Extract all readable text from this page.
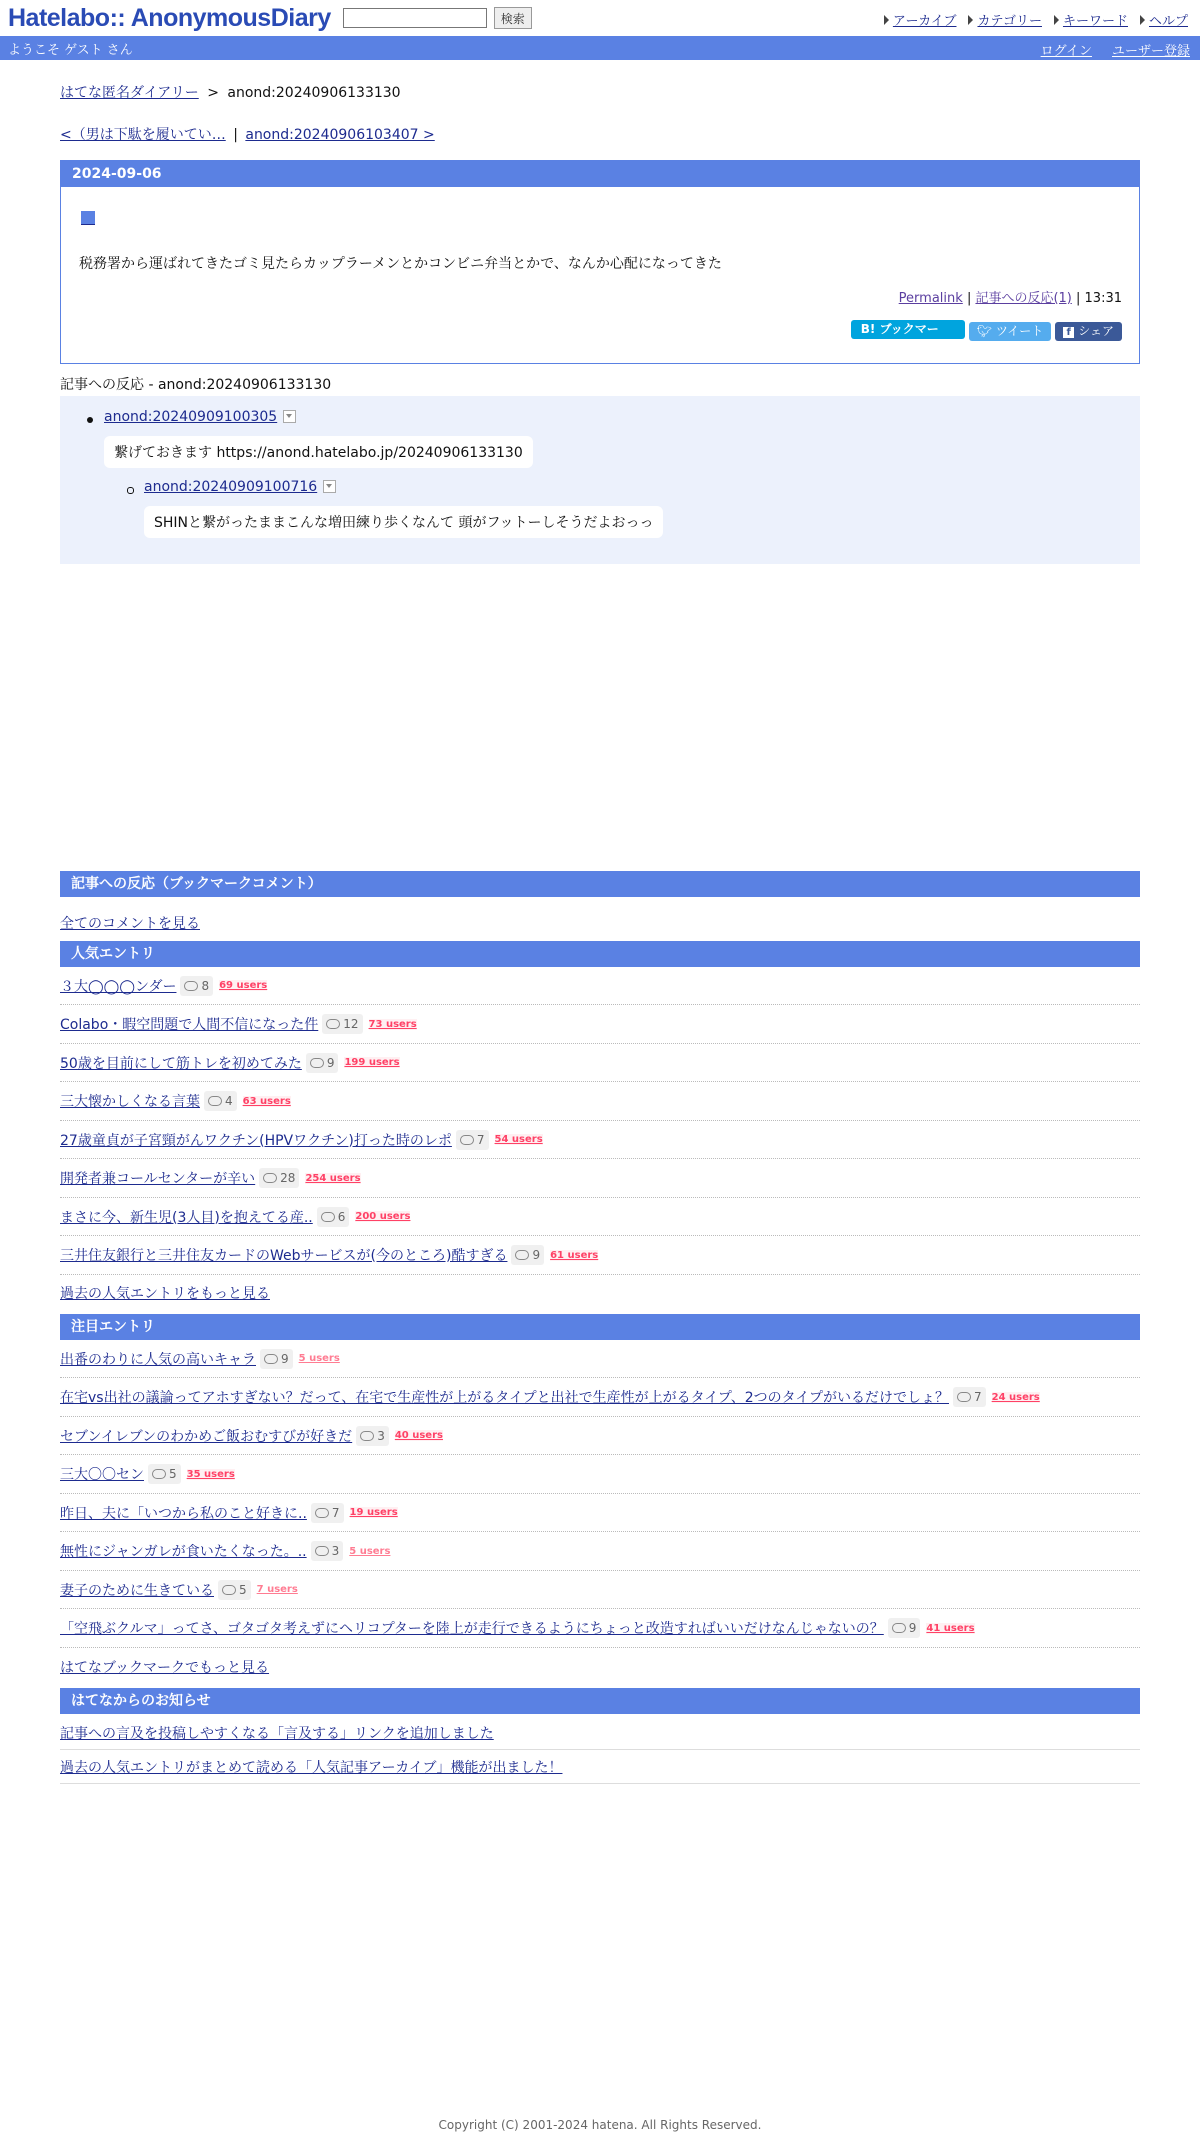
Hatelabo:: AnonymousDiary	検索	アーカイブ	カテゴリー	キーワード	ヘルプ
ようこそ ゲスト さん	ログイン ユーザー登録
はてな匿名ダイアリー > anond:20240906133130
<（男は下駄を履いてい… | anond:20240906103407 >
2024-09-06
税務署から運ばれてきたゴミ見たらカップラーメンとかコンビニ弁当とかで、なんか心配になってきた
Permalink | 記事への反応(1) | 13:31
B! ブックマーク 0
🐦︎ ツイート	f シェア
記事への反応 - anond:20240906133130
anond:20240909100305
繋げておきます https://anond.hatelabo.jp/20240906133130
anond:20240909100716
SHINと繋がったままこんな増田練り歩くなんて 頭がフットーしそうだよおっっ
記事への反応（ブックマークコメント）
全てのコメントを見る
人気エントリ
３大◯◯◯ンダー 8 69 users
Colabo・暇空問題で人間不信になった件 12 73 users
50歳を目前にして筋トレを初めてみた 9 199 users
三大懐かしくなる言葉 4 63 users
27歳童貞が子宮頸がんワクチン(HPVワクチン)打った時のレポ 7 54 users
開発者兼コールセンターが辛い 28 254 users
まさに今、新生児(3人目)を抱えてる産.. 6 200 users
三井住友銀行と三井住友カードのWebサービスが(今のところ)酷すぎる 9 61 users
過去の人気エントリをもっと見る
注目エントリ
出番のわりに人気の高いキャラ 9 5 users
在宅vs出社の議論ってアホすぎない？だって、在宅で生産性が上がるタイプと出社で生産性が上がるタイプ、2つのタイプがいるだけでしょ？ 7 24 users
セブンイレブンのわかめご飯おむすびが好きだ 3 40 users
三大〇〇セン 5 35 users
昨日、夫に「いつから私のこと好きに.. 7 19 users
無性にジャンガレが食いたくなった。.. 3 5 users
妻子のために生きている 5 7 users
「空飛ぶクルマ」ってさ、ゴタゴタ考えずにヘリコプターを陸上が走行できるようにちょっと改造すればいいだけなんじゃないの？ 9 41 users
はてなブックマークでもっと見る
はてなからのお知らせ
記事への言及を投稿しやすくなる「言及する」リンクを追加しました
過去の人気エントリがまとめて読める「人気記事アーカイブ」機能が出ました！
Copyright (C) 2001-2024 hatena. All Rights Reserved.
